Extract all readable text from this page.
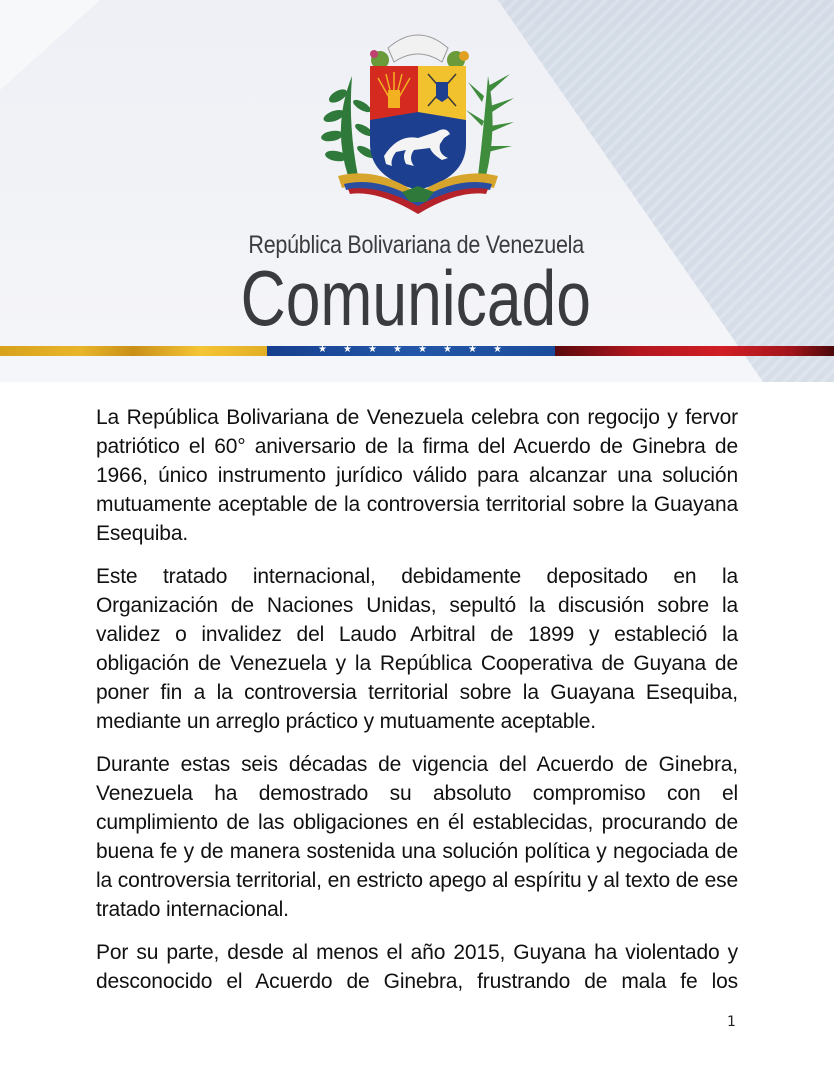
República Bolivariana de Venezuela
Comunicado
★ ★ ★ ★ ★ ★ ★ ★

La República Bolivariana de Venezuela celebra con regocijo y fervor patriótico el 60° aniversario de la firma del Acuerdo de Ginebra de 1966, único instrumento jurídico válido para alcanzar una solución mutuamente aceptable de la controversia territorial sobre la Guayana Esequiba.

Este tratado internacional, debidamente depositado en la Organización de Naciones Unidas, sepultó la discusión sobre la validez o invalidez del Laudo Arbitral de 1899 y estableció la obligación de Venezuela y la República Cooperativa de Guyana de poner fin a la controversia territorial sobre la Guayana Esequiba, mediante un arreglo práctico y mutuamente aceptable.

Durante estas seis décadas de vigencia del Acuerdo de Ginebra, Venezuela ha demostrado su absoluto compromiso con el cumplimiento de las obligaciones en él establecidas, procurando de buena fe y de manera sostenida una solución política y negociada de la controversia territorial, en estricto apego al espíritu y al texto de ese tratado internacional.

Por su parte, desde al menos el año 2015, Guyana ha violentado y desconocido el Acuerdo de Ginebra, frustrando de mala fe los

1
